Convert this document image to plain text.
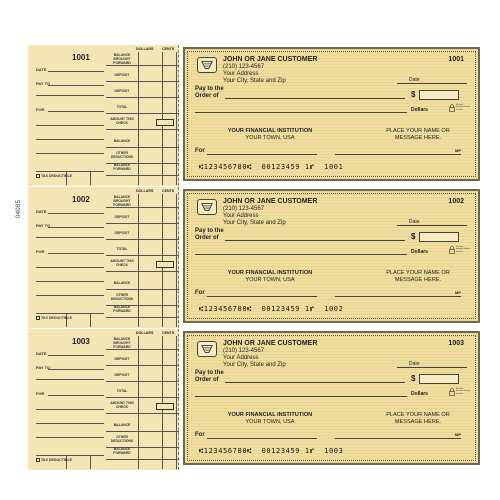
04085
1001
DATE
PAY TO
FOR
TAX DEDUCTIBLE
DOLLARS CENTS
BALANCE BROUGHT FORWARD
DEPOSIT
DEPOSIT
TOTAL
AMOUNT THIS CHECK
BALANCE
OTHER DEDUCTIONS
BALANCE FORWARD
JOHN OR JANE CUSTOMER
(210) 123-4567
Your Address
Your City, State and Zip
1001
Date
Pay to the
Order of	$
Dollars
Security features Details on back
YOUR FINANCIAL INSTITUTION
YOUR TOWN, USA
PLACE YOUR NAME OR
MESSAGE HERE.
For	MP
⑆123456780⑆ 00123459 1⑈ 1001
1002
DATE
PAY TO
FOR
TAX DEDUCTIBLE
DOLLARS CENTS
BALANCE BROUGHT FORWARD
DEPOSIT
DEPOSIT
TOTAL
AMOUNT THIS CHECK
BALANCE
OTHER DEDUCTIONS
BALANCE FORWARD
JOHN OR JANE CUSTOMER
(210) 123-4567
Your Address
Your City, State and Zip
1002
Date
Pay to the
Order of	$
Dollars
Security features Details on back
YOUR FINANCIAL INSTITUTION
YOUR TOWN, USA
PLACE YOUR NAME OR
MESSAGE HERE.
For	MP
⑆123456780⑆ 00123459 1⑈ 1002
1003
DATE
PAY TO
FOR
TAX DEDUCTIBLE
DOLLARS CENTS
BALANCE BROUGHT FORWARD
DEPOSIT
DEPOSIT
TOTAL
AMOUNT THIS CHECK
BALANCE
OTHER DEDUCTIONS
BALANCE FORWARD
JOHN OR JANE CUSTOMER
(210) 123-4567
Your Address
Your City, State and Zip
1003
Date
Pay to the
Order of	$
Dollars
Security features Details on back
YOUR FINANCIAL INSTITUTION
YOUR TOWN, USA
PLACE YOUR NAME OR
MESSAGE HERE.
For	MP
⑆123456780⑆ 00123459 1⑈ 1003
